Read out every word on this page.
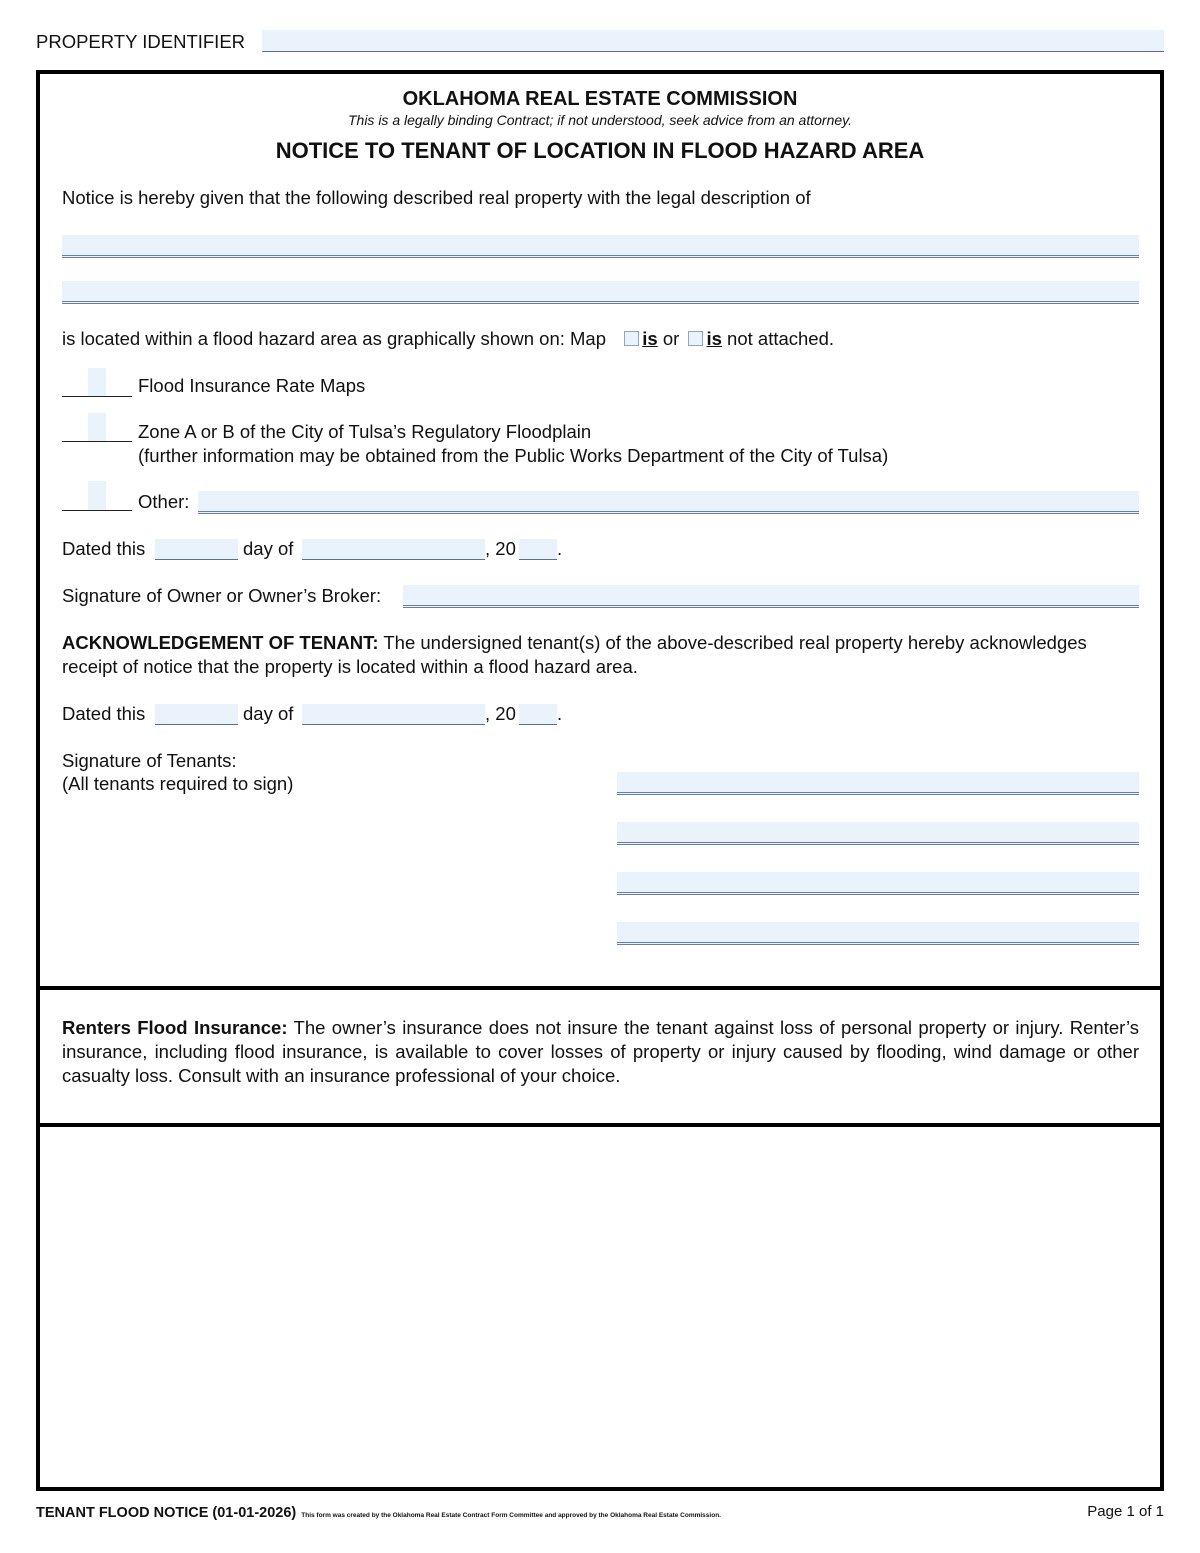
PROPERTY IDENTIFIER
OKLAHOMA REAL ESTATE COMMISSION
This is a legally binding Contract; if not understood, seek advice from an attorney.
NOTICE TO TENANT OF LOCATION IN FLOOD HAZARD AREA
Notice is hereby given that the following described real property with the legal description of
is located within a flood hazard area as graphically shown on: Map is or is not attached.
Flood Insurance Rate Maps
Zone A or B of the City of Tulsa’s Regulatory Floodplain
(further information may be obtained from the Public Works Department of the City of Tulsa)
Other:
Dated this	day of	, 20 .
Signature of Owner or Owner’s Broker:
ACKNOWLEDGEMENT OF TENANT: The undersigned tenant(s) of the above-described real property hereby acknowledges
receipt of notice that the property is located within a flood hazard area.
Dated this	day of	, 20 .
Signature of Tenants:
(All tenants required to sign)
Renters Flood Insurance: The owner’s insurance does not insure the tenant against loss of personal property or injury. Renter’s insurance, including flood insurance, is available to cover losses of property or injury caused by flooding, wind damage or other casualty loss. Consult with an insurance professional of your choice.
TENANT FLOOD NOTICE (01-01-2026) This form was created by the Oklahoma Real Estate Contract Form Committee and approved by the Oklahoma Real Estate Commission.	Page 1 of 1
